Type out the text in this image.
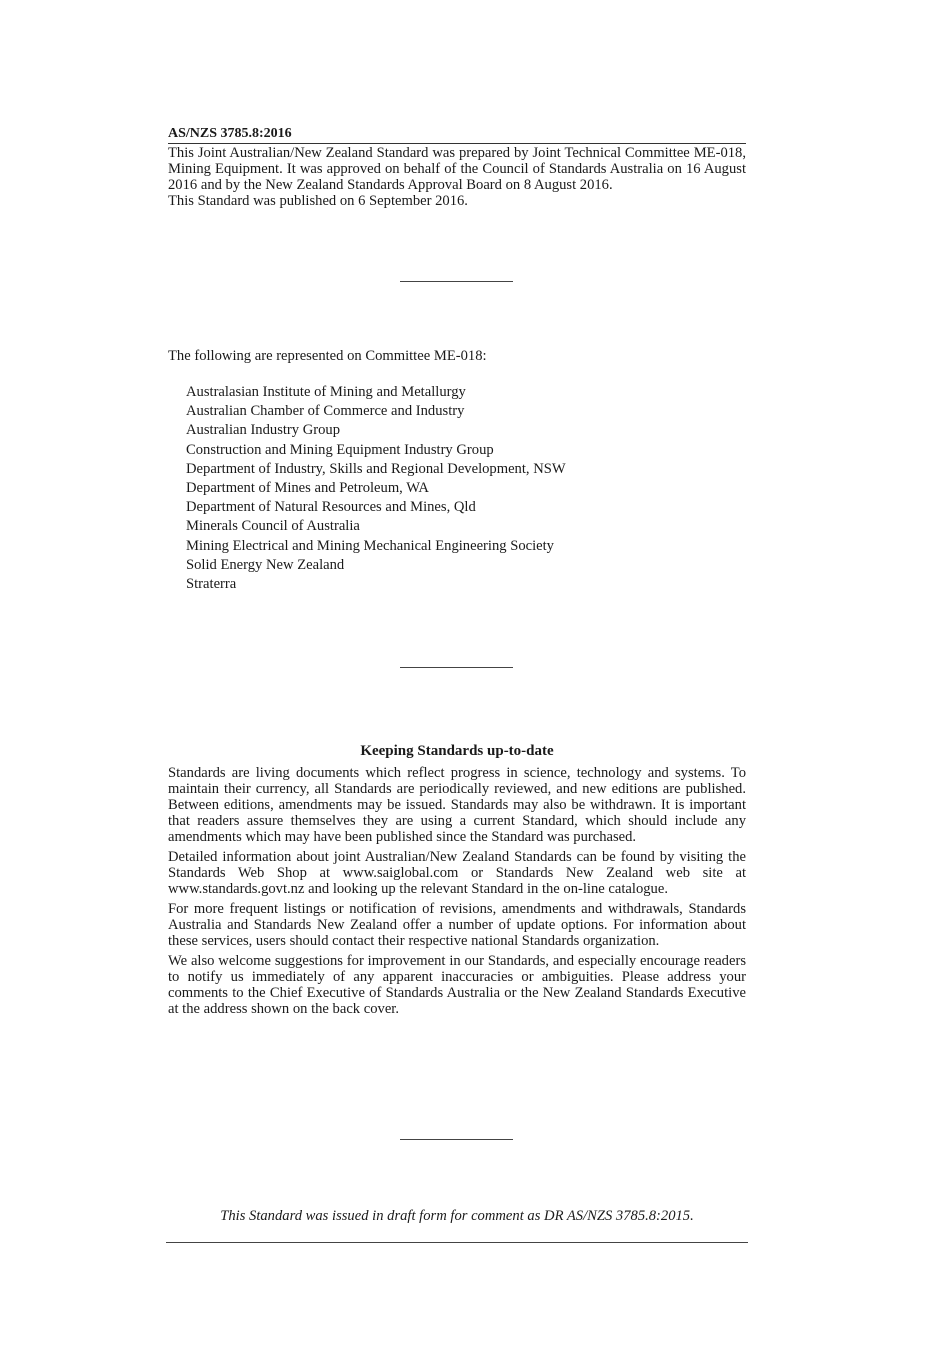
AS/NZS 3785.8:2016

This Joint Australian/New Zealand Standard was prepared by Joint Technical Committee ME-018, Mining Equipment. It was approved on behalf of the Council of Standards Australia on 16 August 2016 and by the New Zealand Standards Approval Board on 8 August 2016.

This Standard was published on 6 September 2016.

The following are represented on Committee ME-018:
Australasian Institute of Mining and Metallurgy
Australian Chamber of Commerce and Industry
Australian Industry Group
Construction and Mining Equipment Industry Group
Department of Industry, Skills and Regional Development, NSW
Department of Mines and Petroleum, WA
Department of Natural Resources and Mines, Qld
Minerals Council of Australia
Mining Electrical and Mining Mechanical Engineering Society
Solid Energy New Zealand
Straterra
Keeping Standards up-to-date

Standards are living documents which reflect progress in science, technology and systems. To maintain their currency, all Standards are periodically reviewed, and new editions are published. Between editions, amendments may be issued. Standards may also be withdrawn. It is important that readers assure themselves they are using a current Standard, which should include any amendments which may have been published since the Standard was purchased.

Detailed information about joint Australian/New Zealand Standards can be found by visiting the Standards Web Shop at www.saiglobal.com or Standards New Zealand web site at www.standards.govt.nz and looking up the relevant Standard in the on-line catalogue.

For more frequent listings or notification of revisions, amendments and withdrawals, Standards Australia and Standards New Zealand offer a number of update options. For information about these services, users should contact their respective national Standards organization.

We also welcome suggestions for improvement in our Standards, and especially encourage readers to notify us immediately of any apparent inaccuracies or ambiguities. Please address your comments to the Chief Executive of Standards Australia or the New Zealand Standards Executive at the address shown on the back cover.

This Standard was issued in draft form for comment as DR AS/NZS 3785.8:2015.
